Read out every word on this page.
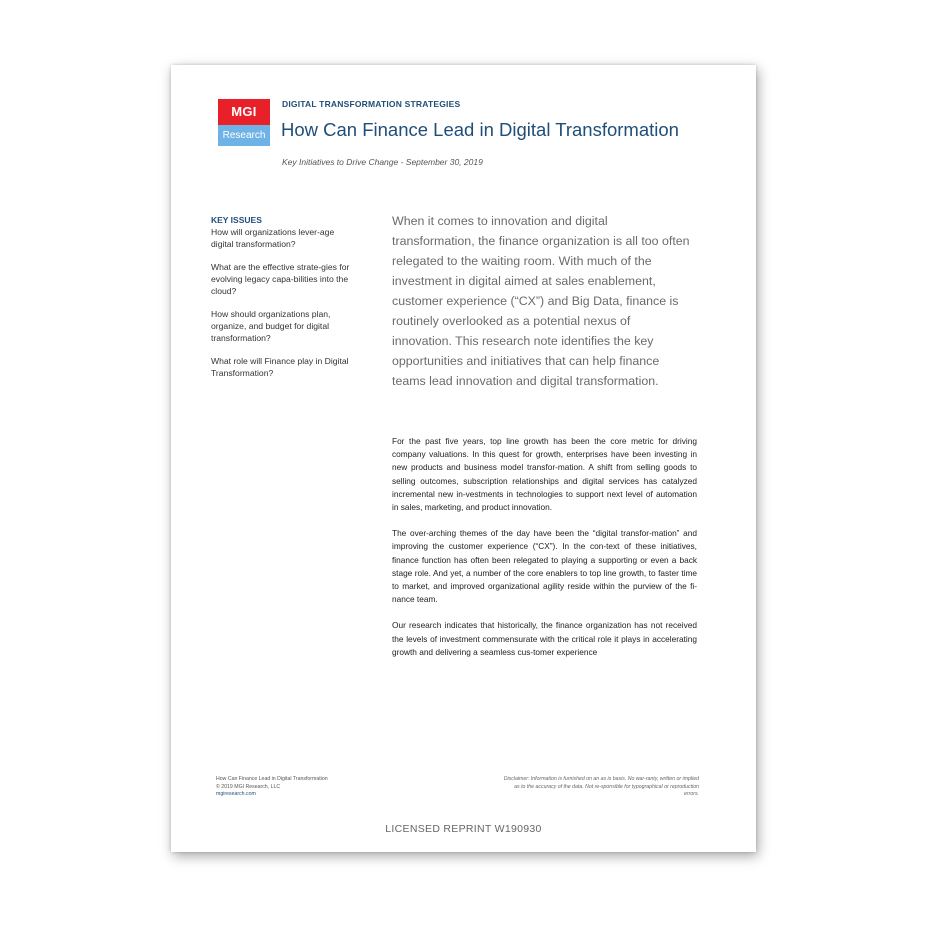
MGI
Research
DIGITAL TRANSFORMATION STRATEGIES
How Can Finance Lead in Digital Transformation
Key Initiatives to Drive Change - September 30, 2019
KEY ISSUES
How will organizations lever-age digital transformation?
What are the effective strate-gies for evolving legacy capa-bilities into the cloud?
How should organizations plan, organize, and budget for digital transformation?
What role will Finance play in Digital Transformation?
When it comes to innovation and digital transformation, the finance organization is all too often relegated to the waiting room. With much of the investment in digital aimed at sales enablement, customer experience (“CX”) and Big Data, finance is routinely overlooked as a potential nexus of innovation. This research note identifies the key opportunities and initiatives that can help finance teams lead innovation and digital transformation.

For the past five years, top line growth has been the core metric for driving company valuations. In this quest for growth, enterprises have been investing in new products and business model transfor-mation. A shift from selling goods to selling outcomes, subscription relationships and digital services has catalyzed incremental new in-vestments in technologies to support next level of automation in sales, marketing, and product innovation.

The over-arching themes of the day have been the “digital transfor-mation” and improving the customer experience (“CX”). In the con-text of these initiatives, finance function has often been relegated to playing a supporting or even a back stage role. And yet, a number of the core enablers to top line growth, to faster time to market, and improved organizational agility reside within the purview of the fi-nance team.

Our research indicates that historically, the finance organization has not received the levels of investment commensurate with the critical role it plays in accelerating growth and delivering a seamless cus-tomer experience

How Can Finance Lead in Digital Transformation
© 2019 MGI Research, LLC
mgiresearch.com
Disclaimer: Information is furnished on an as is basis. No war-ranty, written or implied as to the accuracy of the data. Not re-sponsible for typographical or reproduction errors.
LICENSED REPRINT W190930
